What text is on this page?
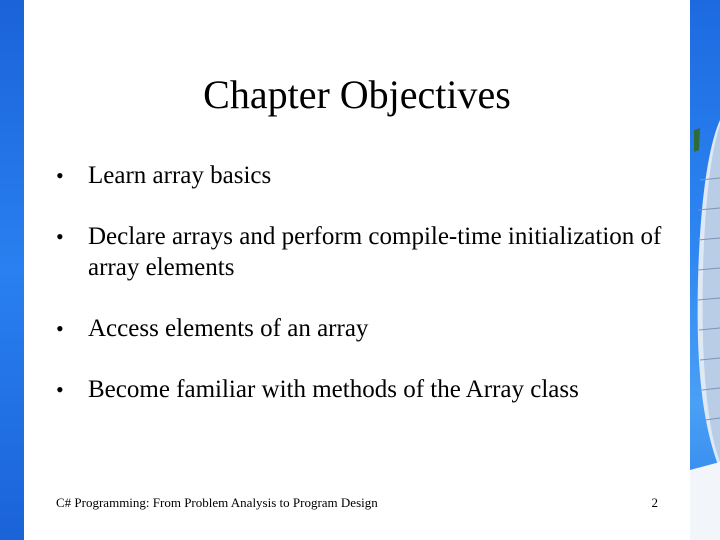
Chapter Objectives
• Learn array basics
• Declare arrays and perform compile-time initialization of array elements
• Access elements of an array
• Become familiar with methods of the Array class
C# Programming: From Problem Analysis to Program Design	2
